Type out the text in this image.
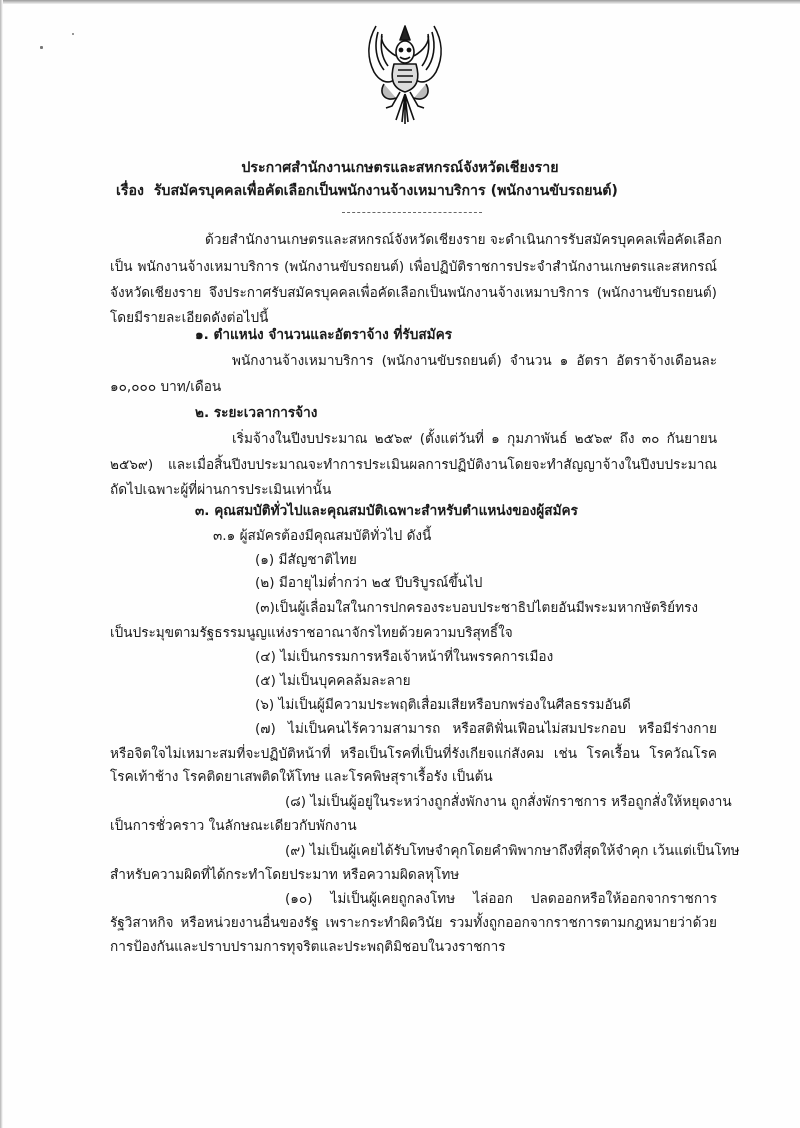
ประกาศสำนักงานเกษตรและสหกรณ์จังหวัดเชียงราย
เรื่อง รับสมัครบุคคลเพื่อคัดเลือกเป็นพนักงานจ้างเหมาบริการ (พนักงานขับรถยนต์)
ด้วยสำนักงานเกษตรและสหกรณ์จังหวัดเชียงราย จะดำเนินการรับสมัครบุคคลเพื่อคัดเลือก
เป็น พนักงานจ้างเหมาบริการ (พนักงานขับรถยนต์) เพื่อปฏิบัติราชการประจำสำนักงานเกษตรและสหกรณ์
จังหวัดเชียงราย จึงประกาศรับสมัครบุคคลเพื่อคัดเลือกเป็นพนักงานจ้างเหมาบริการ (พนักงานขับรถยนต์)
โดยมีรายละเอียดดังต่อไปนี้
๑. ตำแหน่ง จำนวนและอัตราจ้าง ที่รับสมัคร
พนักงานจ้างเหมาบริการ (พนักงานขับรถยนต์) จำนวน ๑ อัตรา อัตราจ้างเดือนละ
๑๐,๐๐๐ บาท/เดือน
๒. ระยะเวลาการจ้าง
เริ่มจ้างในปีงบประมาณ ๒๕๖๙ (ตั้งแต่วันที่ ๑ กุมภาพันธ์ ๒๕๖๙ ถึง ๓๐ กันยายน
๒๕๖๙) และเมื่อสิ้นปีงบประมาณจะทำการประเมินผลการปฏิบัติงานโดยจะทำสัญญาจ้างในปีงบประมาณ
ถัดไปเฉพาะผู้ที่ผ่านการประเมินเท่านั้น
๓. คุณสมบัติทั่วไปและคุณสมบัติเฉพาะสำหรับตำแหน่งของผู้สมัคร
๓.๑ ผู้สมัครต้องมีคุณสมบัติทั่วไป ดังนี้
(๑) มีสัญชาติไทย
(๒) มีอายุไม่ต่ำกว่า ๒๕ ปีบริบูรณ์ขึ้นไป
(๓)เป็นผู้เลื่อมใสในการปกครองระบอบประชาธิปไตยอันมีพระมหากษัตริย์ทรง
เป็นประมุขตามรัฐธรรมนูญแห่งราชอาณาจักรไทยด้วยความบริสุทธิ์ใจ
(๔) ไม่เป็นกรรมการหรือเจ้าหน้าที่ในพรรคการเมือง
(๕) ไม่เป็นบุคคลล้มละลาย
(๖) ไม่เป็นผู้มีความประพฤติเสื่อมเสียหรือบกพร่องในศีลธรรมอันดี
(๗) ไม่เป็นคนไร้ความสามารถ หรือสติฟั่นเฟือนไม่สมประกอบ หรือมีร่างกาย
หรือจิตใจไม่เหมาะสมที่จะปฏิบัติหน้าที่ หรือเป็นโรคที่เป็นที่รังเกียจแก่สังคม เช่น โรคเรื้อน โรควัณโรค
โรคเท้าช้าง โรคติดยาเสพติดให้โทษ และโรคพิษสุราเรื้อรัง เป็นต้น
(๘) ไม่เป็นผู้อยู่ในระหว่างถูกสั่งพักงาน ถูกสั่งพักราชการ หรือถูกสั่งให้หยุดงาน
เป็นการชั่วคราว ในลักษณะเดียวกับพักงาน
(๙) ไม่เป็นผู้เคยได้รับโทษจำคุกโดยคำพิพากษาถึงที่สุดให้จำคุก เว้นแต่เป็นโทษ
สำหรับความผิดที่ได้กระทำโดยประมาท หรือความผิดลหุโทษ
(๑๐) ไม่เป็นผู้เคยถูกลงโทษ ไล่ออก ปลดออกหรือให้ออกจากราชการ
รัฐวิสาหกิจ หรือหน่วยงานอื่นของรัฐ เพราะกระทำผิดวินัย รวมทั้งถูกออกจากราชการตามกฎหมายว่าด้วย
การป้องกันและปราบปรามการทุจริตและประพฤติมิชอบในวงราชการ
